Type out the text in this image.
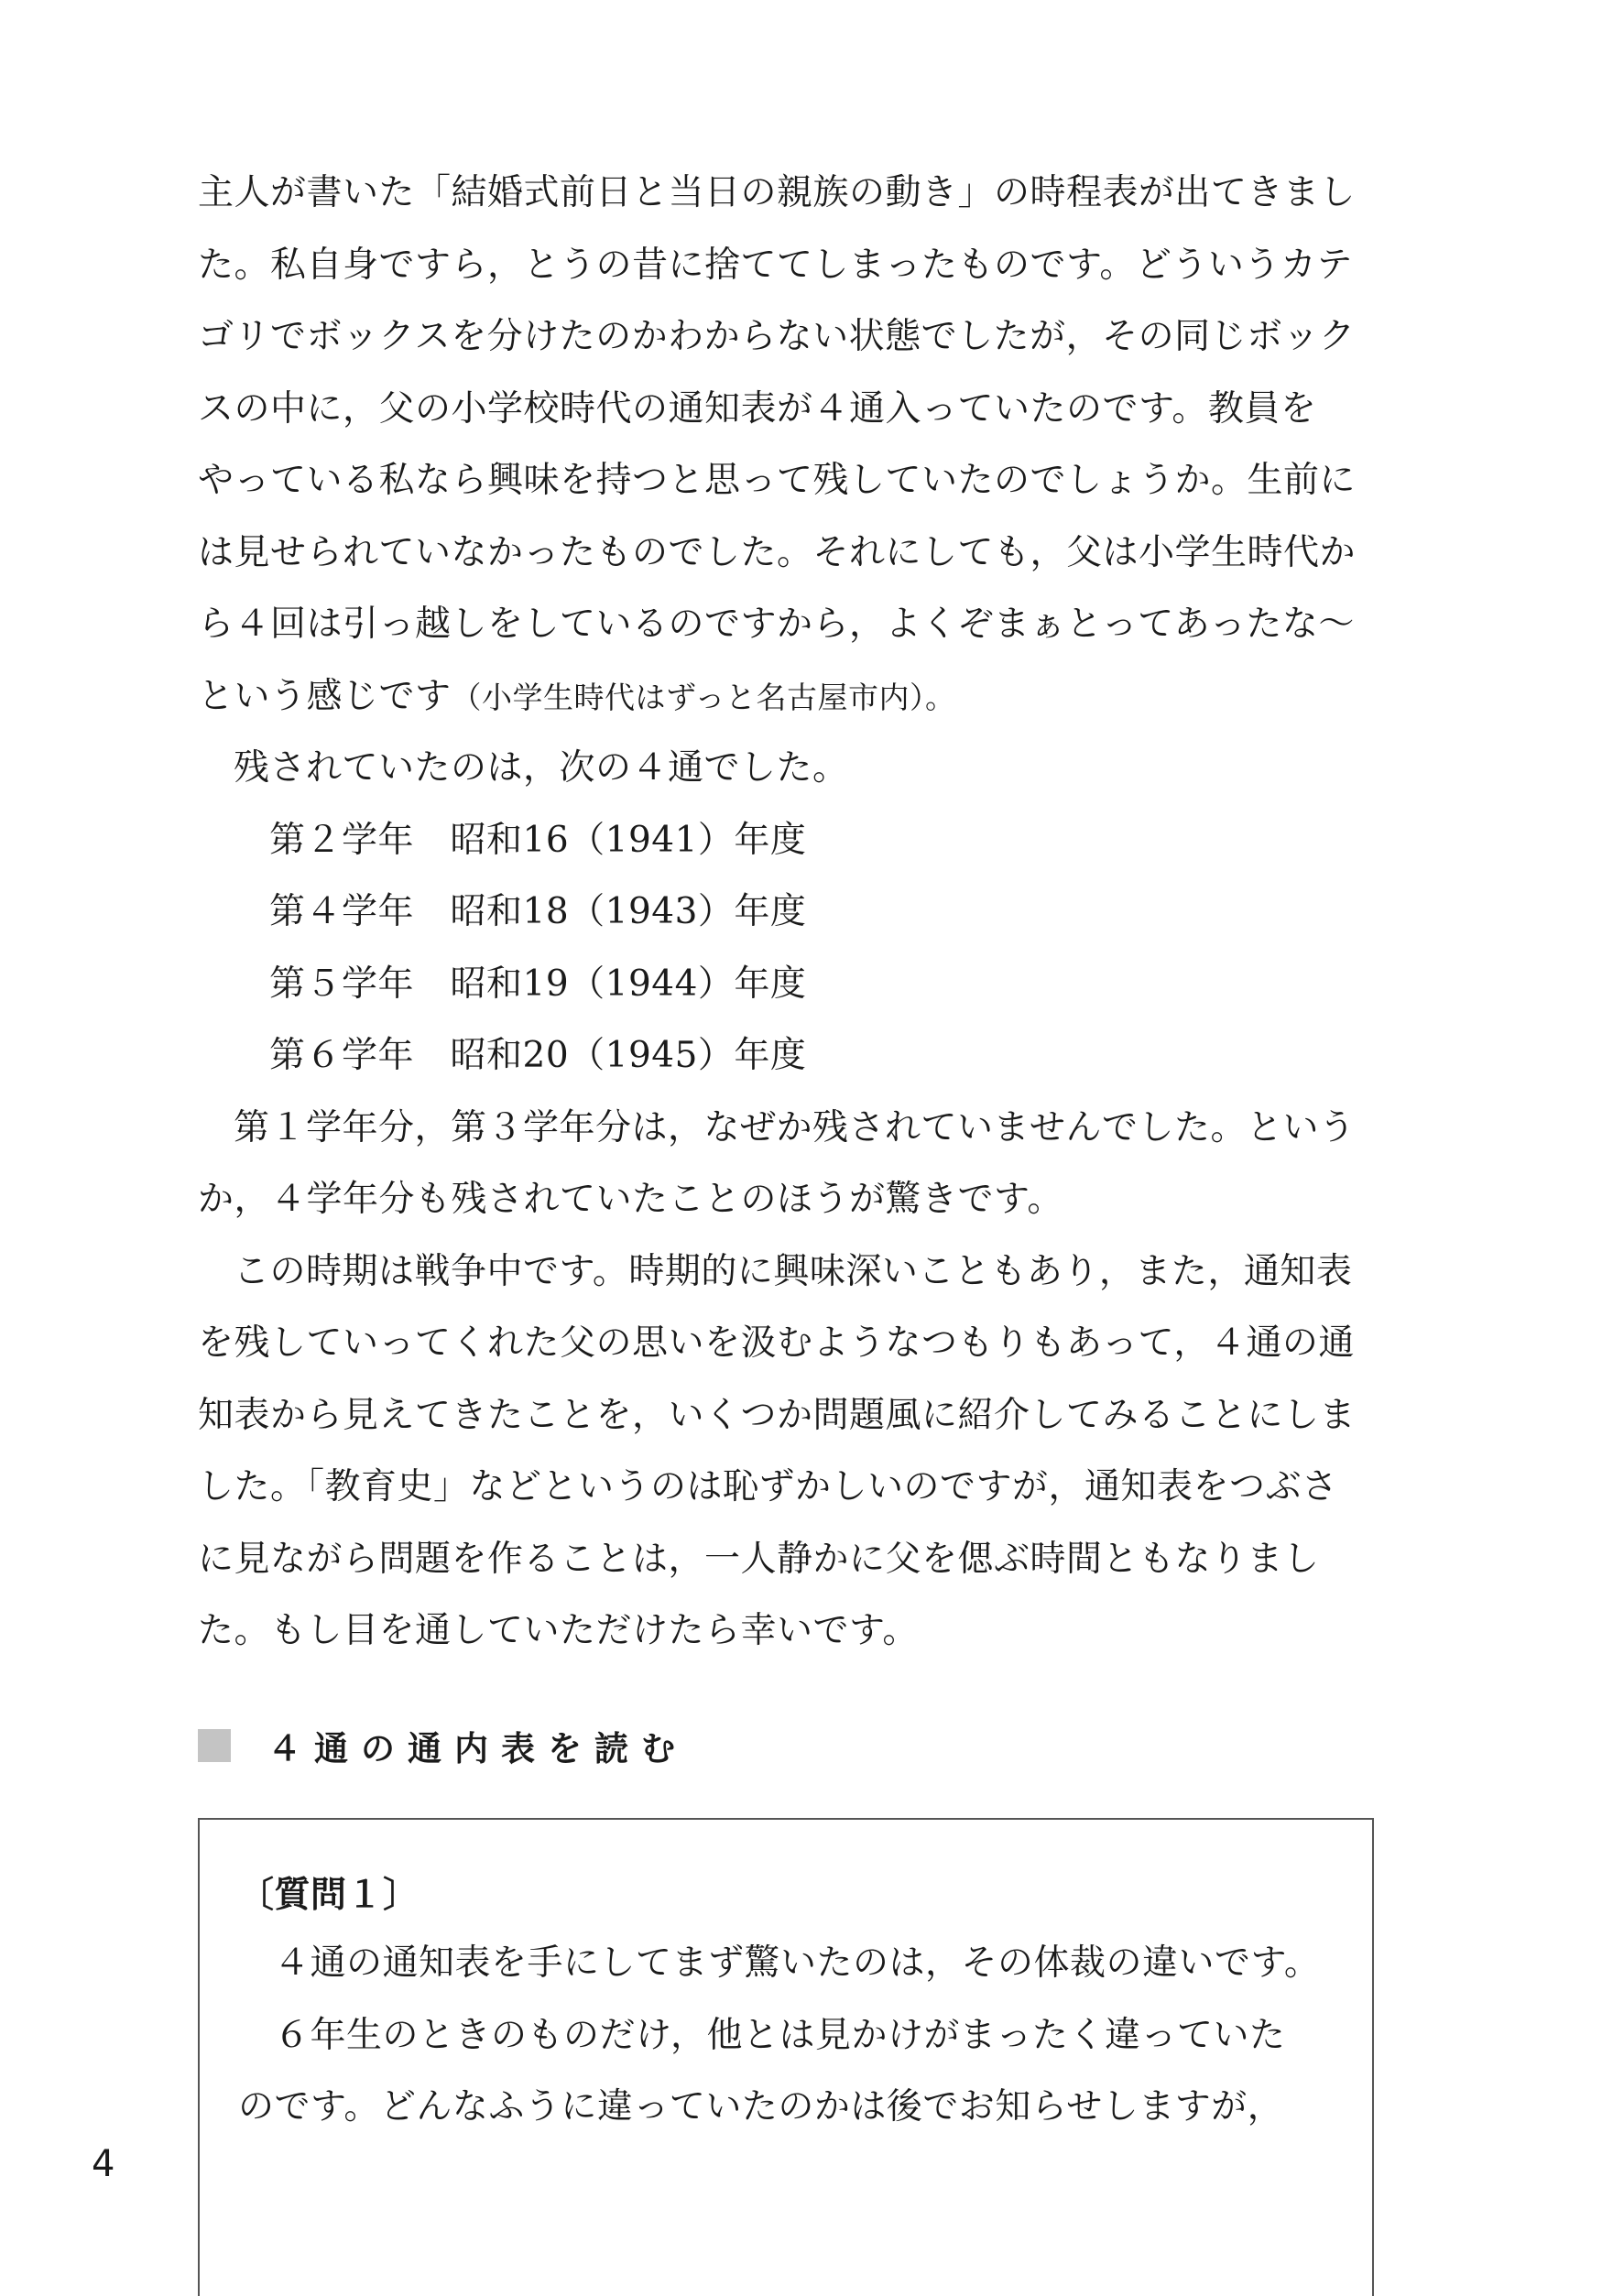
主人が書いた「結婚式前日と当日の親族の動き」の時程表が出てきまし
た。私自身ですら，とうの昔に捨ててしまったものです。どういうカテ
ゴリでボックスを分けたのかわからない状態でしたが，その同じボック
スの中に，父の小学校時代の通知表が４通入っていたのです。教員を
やっている私なら興味を持つと思って残していたのでしょうか。生前に
は見せられていなかったものでした。それにしても，父は小学生時代か
ら４回は引っ越しをしているのですから，よくぞまぁとってあったな～
という感じです（小学生時代はずっと名古屋市内）。
残されていたのは，次の４通でした。
第２学年　昭和16（1941）年度
第４学年　昭和18（1943）年度
第５学年　昭和19（1944）年度
第６学年　昭和20（1945）年度
第１学年分，第３学年分は，なぜか残されていませんでした。という
か，４学年分も残されていたことのほうが驚きです。
この時期は戦争中です。時期的に興味深いこともあり，また，通知表
を残していってくれた父の思いを汲むようなつもりもあって，４通の通
知表から見えてきたことを，いくつか問題風に紹介してみることにしま
した。「教育史」などというのは恥ずかしいのですが，通知表をつぶさ
に見ながら問題を作ることは，一人静かに父を偲ぶ時間ともなりまし
た。もし目を通していただけたら幸いです。
４通の通内表を読む
〔質問１〕
４通の通知表を手にしてまず驚いたのは，その体裁の違いです。
６年生のときのものだけ，他とは見かけがまったく違っていた
のです。どんなふうに違っていたのかは後でお知らせしますが，
4
